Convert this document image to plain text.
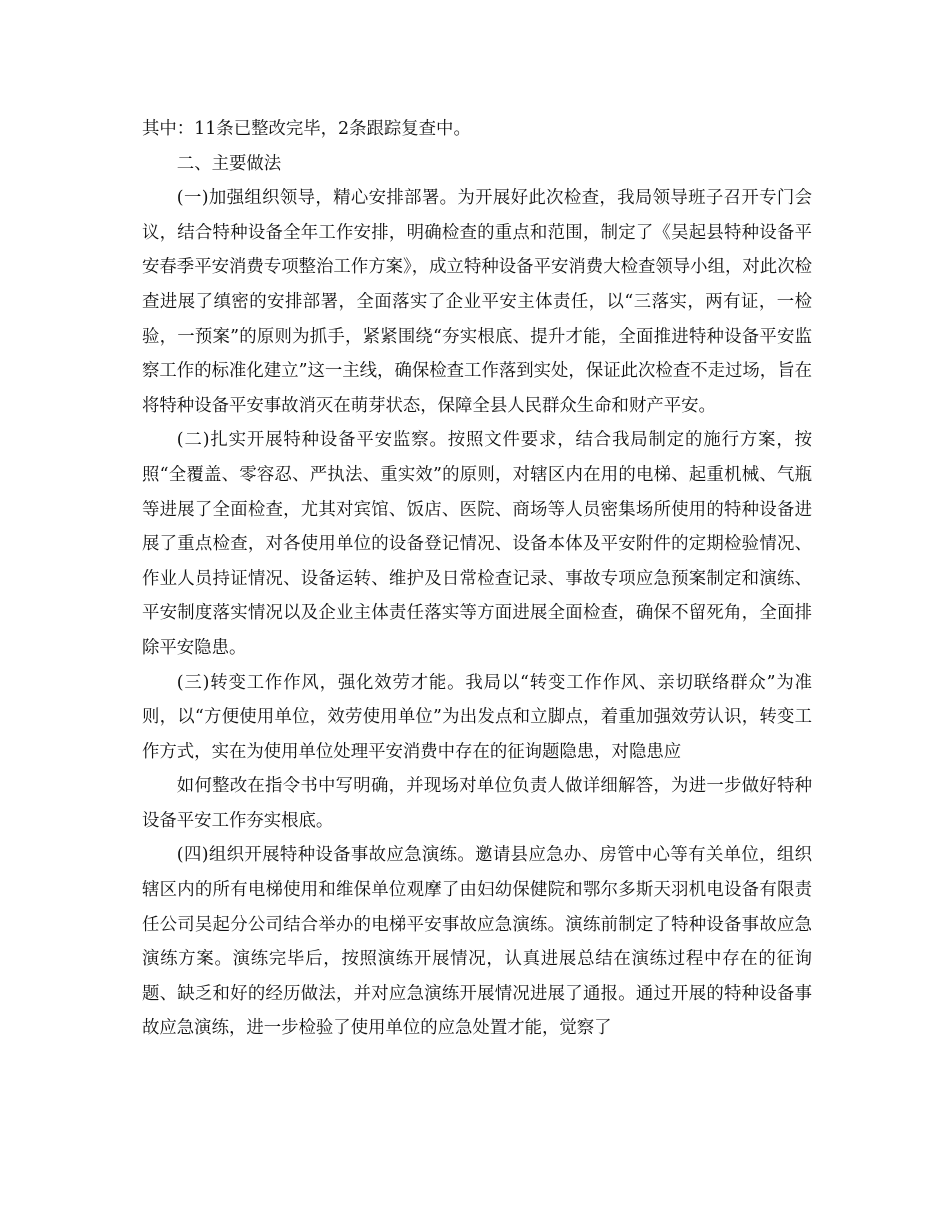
其中：11条已整改完毕，2条跟踪复查中。

二、主要做法

(一)加强组织领导，精心安排部署。为开展好此次检查，我局领导班子召开专门会议，结合特种设备全年工作安排，明确检查的重点和范围，制定了《吴起县特种设备平安春季平安消费专项整治工作方案》，成立特种设备平安消费大检查领导小组，对此次检查进展了缜密的安排部署，全面落实了企业平安主体责任，以“三落实，两有证，一检验，一预案”的原则为抓手，紧紧围绕“夯实根底、提升才能，全面推进特种设备平安监察工作的标准化建立”这一主线，确保检查工作落到实处，保证此次检查不走过场，旨在将特种设备平安事故消灭在萌芽状态，保障全县人民群众生命和财产平安。

(二)扎实开展特种设备平安监察。按照文件要求，结合我局制定的施行方案，按照“全覆盖、零容忍、严执法、重实效”的原则，对辖区内在用的电梯、起重机械、气瓶等进展了全面检查，尤其对宾馆、饭店、医院、商场等人员密集场所使用的特种设备进展了重点检查，对各使用单位的设备登记情况、设备本体及平安附件的定期检验情况、作业人员持证情况、设备运转、维护及日常检查记录、事故专项应急预案制定和演练、平安制度落实情况以及企业主体责任落实等方面进展全面检查，确保不留死角，全面排除平安隐患。

(三)转变工作作风，强化效劳才能。我局以“转变工作作风、亲切联络群众”为准则，以“方便使用单位，效劳使用单位”为出发点和立脚点，着重加强效劳认识，转变工作方式，实在为使用单位处理平安消费中存在的征询题隐患，对隐患应

如何整改在指令书中写明确，并现场对单位负责人做详细解答，为进一步做好特种设备平安工作夯实根底。

(四)组织开展特种设备事故应急演练。邀请县应急办、房管中心等有关单位，组织辖区内的所有电梯使用和维保单位观摩了由妇幼保健院和鄂尔多斯天羽机电设备有限责任公司吴起分公司结合举办的电梯平安事故应急演练。演练前制定了特种设备事故应急演练方案。演练完毕后，按照演练开展情况，认真进展总结在演练过程中存在的征询题、缺乏和好的经历做法，并对应急演练开展情况进展了通报。通过开展的特种设备事故应急演练，进一步检验了使用单位的应急处置才能，觉察了
